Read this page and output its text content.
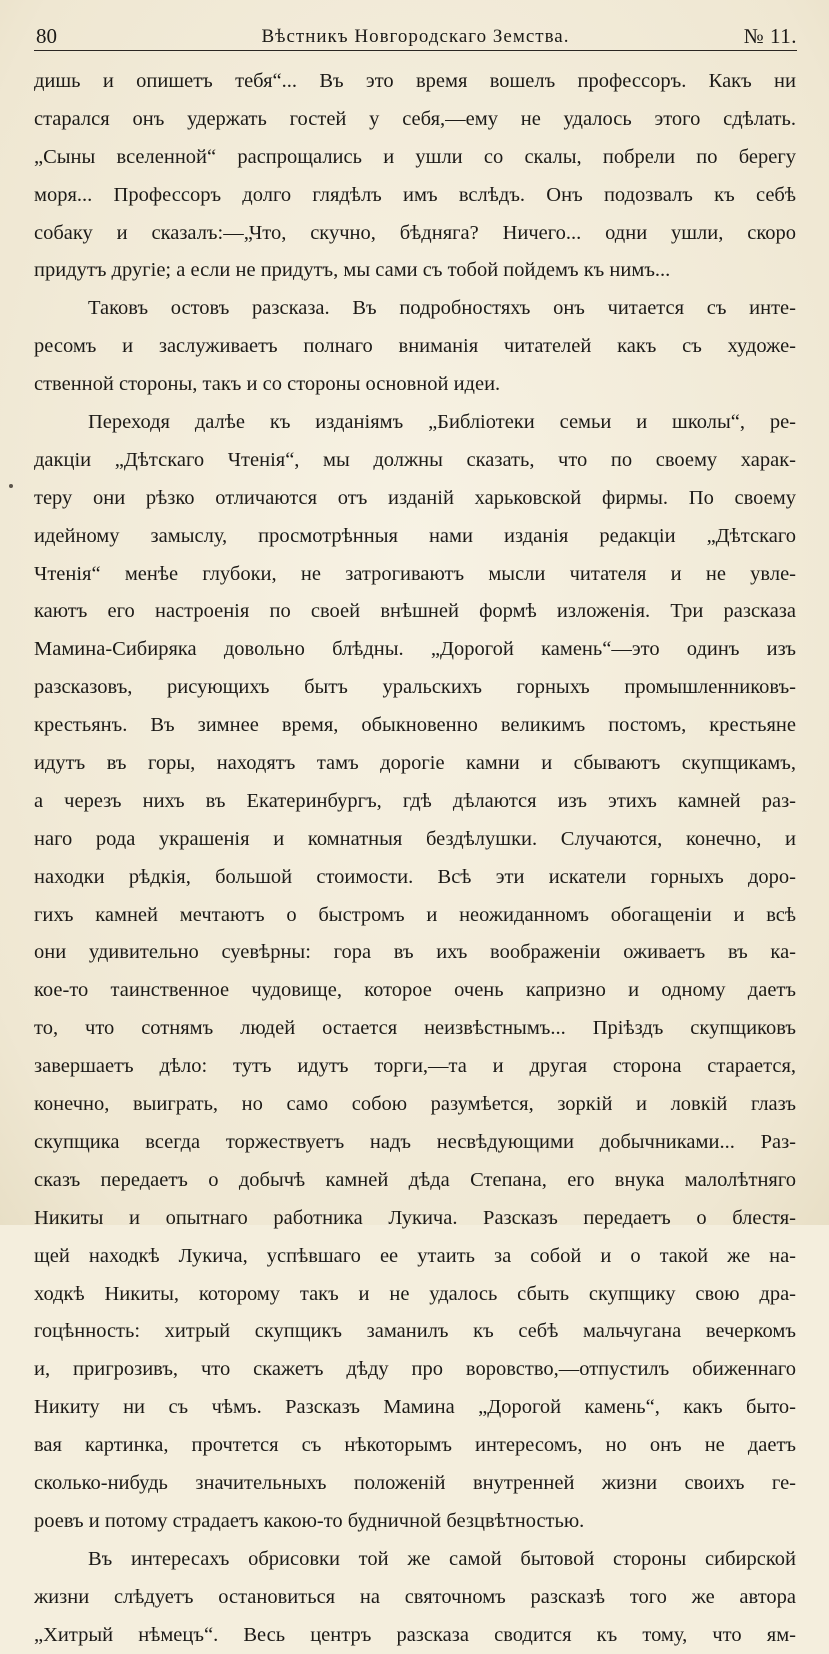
80	Вѣстникъ Новгородскаго Земства.	№ 11.
дишь и опишетъ тебя“... Въ это время вошелъ профессоръ. Какъ ни
старался онъ удержать гостей у себя,—ему не удалось этого сдѣлать.
„Сыны вселенной“ распрощались и ушли со скалы, побрели по берегу
моря... Профессоръ долго глядѣлъ имъ вслѣдъ. Онъ подозвалъ къ себѣ
собаку и сказалъ:—„Что, скучно, бѣдняга? Ничего... одни ушли, скоро
придутъ другіе; а если не придутъ, мы сами съ тобой пойдемъ къ нимъ...
Таковъ остовъ разсказа. Въ подробностяхъ онъ читается съ инте-
ресомъ и заслуживаетъ полнаго вниманія читателей какъ съ художе-
ственной стороны, такъ и со стороны основной идеи.
Переходя далѣе къ изданіямъ „Библіотеки семьи и школы“, ре-
дакціи „Дѣтскаго Чтенія“, мы должны сказать, что по своему харак-
теру они рѣзко отличаются отъ изданій харьковской фирмы. По своему
идейному замыслу, просмотрѣнныя нами изданія редакціи „Дѣтскаго
Чтенія“ менѣе глубоки, не затрогиваютъ мысли читателя и не увле-
каютъ его настроенія по своей внѣшней формѣ изложенія. Три разсказа
Мамина-Сибиряка довольно блѣдны. „Дорогой камень“—это одинъ изъ
разсказовъ, рисующихъ бытъ уральскихъ горныхъ промышленниковъ-
крестьянъ. Въ зимнее время, обыкновенно великимъ постомъ, крестьяне
идутъ въ горы, находятъ тамъ дорогіе камни и сбываютъ скупщикамъ,
а черезъ нихъ въ Екатеринбургъ, гдѣ дѣлаются изъ этихъ камней раз-
наго рода украшенія и комнатныя бездѣлушки. Случаются, конечно, и
находки рѣдкія, большой стоимости. Всѣ эти искатели горныхъ доро-
гихъ камней мечтаютъ о быстромъ и неожиданномъ обогащеніи и всѣ
они удивительно суевѣрны: гора въ ихъ воображеніи оживаетъ въ ка-
кое-то таинственное чудовище, которое очень капризно и одному даетъ
то, что сотнямъ людей остается неизвѣстнымъ... Пріѣздъ скупщиковъ
завершаетъ дѣло: тутъ идутъ торги,—та и другая сторона старается,
конечно, выиграть, но само собою разумѣется, зоркій и ловкій глазъ
скупщика всегда торжествуетъ надъ несвѣдующими добычниками... Раз-
сказъ передаетъ о добычѣ камней дѣда Степана, его внука малолѣтняго
Никиты и опытнаго работника Лукича. Разсказъ передаетъ о блестя-
щей находкѣ Лукича, успѣвшаго ее утаить за собой и о такой же на-
ходкѣ Никиты, которому такъ и не удалось сбыть скупщику свою дра-
гоцѣнность: хитрый скупщикъ заманилъ къ себѣ мальчугана вечеркомъ
и, пригрозивъ, что скажетъ дѣду про воровство,—отпустилъ обиженнаго
Никиту ни съ чѣмъ. Разсказъ Мамина „Дорогой камень“, какъ быто-
вая картинка, прочтется съ нѣкоторымъ интересомъ, но онъ не даетъ
сколько-нибудь значительныхъ положеній внутренней жизни своихъ ге-
роевъ и потому страдаетъ какою-то будничной безцвѣтностью.
Въ интересахъ обрисовки той же самой бытовой стороны сибирской
жизни слѣдуетъ остановиться на святочномъ разсказѣ того же автора
„Хитрый нѣмецъ“. Весь центръ разсказа сводится къ тому, что ям-
